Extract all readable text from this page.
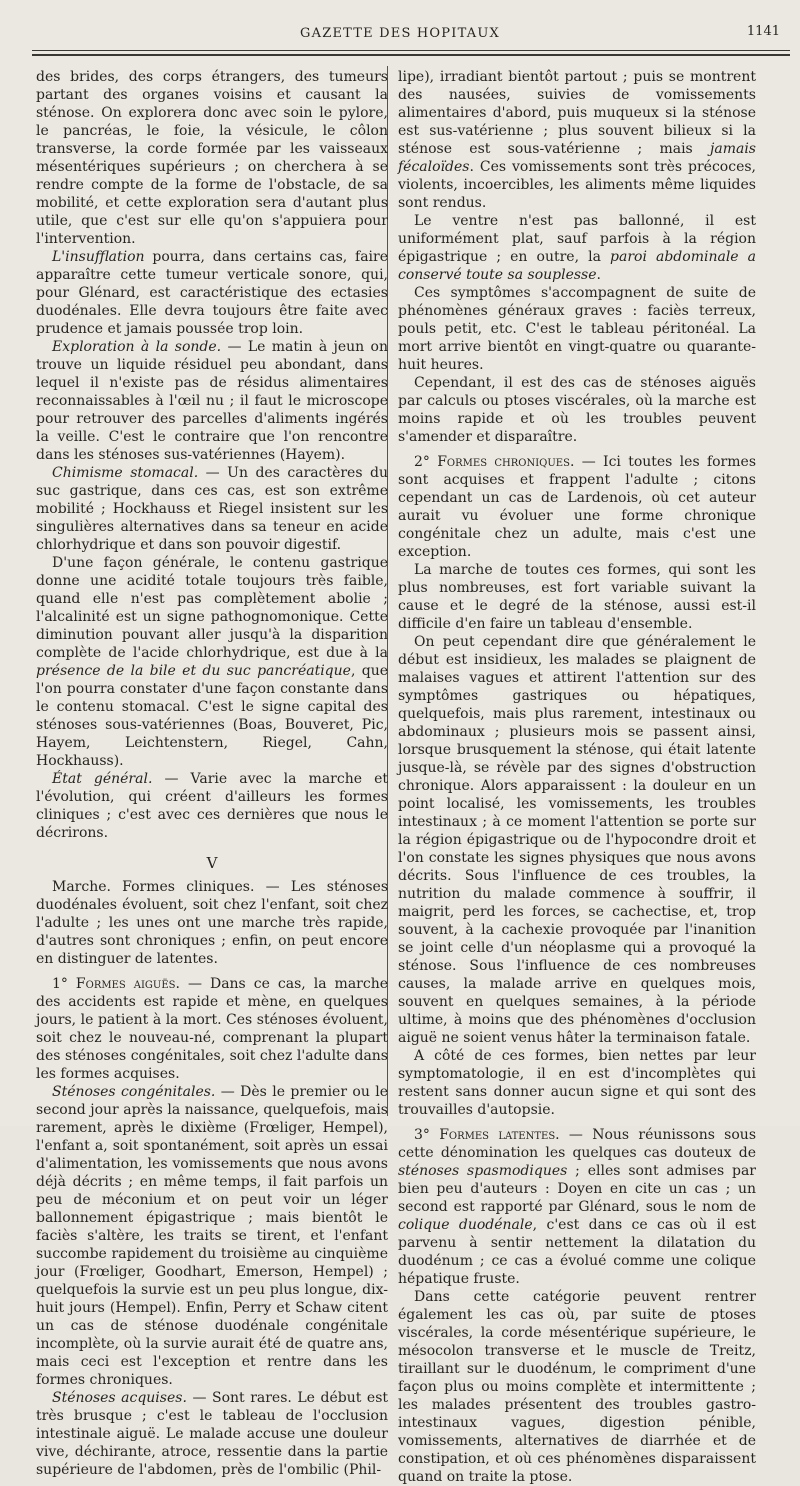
GAZETTE DES HOPITAUX	1141

des brides, des corps étrangers, des tumeurs partant des organes voisins et causant la sténose. On explorera donc avec soin le pylore, le pancréas, le foie, la vésicule, le côlon transverse, la corde formée par les vaisseaux mésentériques supérieurs ; on cherchera à se rendre compte de la forme de l'obstacle, de sa mobilité, et cette exploration sera d'autant plus utile, que c'est sur elle qu'on s'appuiera pour l'intervention.

L'insufflation pourra, dans certains cas, faire apparaître cette tumeur verticale sonore, qui, pour Glénard, est caractéristique des ectasies duodénales. Elle devra toujours être faite avec prudence et jamais poussée trop loin.

Exploration à la sonde. — Le matin à jeun on trouve un liquide résiduel peu abondant, dans lequel il n'existe pas de résidus alimentaires reconnaissables à l'œil nu ; il faut le microscope pour retrouver des parcelles d'aliments ingérés la veille. C'est le contraire que l'on rencontre dans les sténoses sus-vatériennes (Hayem).

Chimisme stomacal. — Un des caractères du suc gastrique, dans ces cas, est son extrême mobilité ; Hockhauss et Riegel insistent sur les singulières alternatives dans sa teneur en acide chlorhydrique et dans son pouvoir digestif.

D'une façon générale, le contenu gastrique donne une acidité totale toujours très faible, quand elle n'est pas complètement abolie ; l'alcalinité est un signe pathognomonique. Cette diminution pouvant aller jusqu'à la disparition complète de l'acide chlorhydrique, est due à la présence de la bile et du suc pancréatique, que l'on pourra constater d'une façon constante dans le contenu stomacal. C'est le signe capital des sténoses sous-vatériennes (Boas, Bouveret, Pic, Hayem, Leichtenstern, Riegel, Cahn, Hockhauss).

État général. — Varie avec la marche et l'évolution, qui créent d'ailleurs les formes cliniques ; c'est avec ces dernières que nous le décrirons.

V

Marche. Formes cliniques. — Les sténoses duodénales évoluent, soit chez l'enfant, soit chez l'adulte ; les unes ont une marche très rapide, d'autres sont chroniques ; enfin, on peut encore en distinguer de latentes.

1° Formes aiguës. — Dans ce cas, la marche des accidents est rapide et mène, en quelques jours, le patient à la mort. Ces sténoses évoluent, soit chez le nouveau-né, comprenant la plupart des sténoses congénitales, soit chez l'adulte dans les formes acquises.

Sténoses congénitales. — Dès le premier ou le second jour après la naissance, quelquefois, mais rarement, après le dixième (Frœliger, Hempel), l'enfant a, soit spontanément, soit après un essai d'alimentation, les vomissements que nous avons déjà décrits ; en même temps, il fait parfois un peu de méconium et on peut voir un léger ballonnement épigastrique ; mais bientôt le faciès s'altère, les traits se tirent, et l'enfant succombe rapidement du troisième au cinquième jour (Frœliger, Goodhart, Emerson, Hempel) ; quelquefois la survie est un peu plus longue, dix-huit jours (Hempel). Enfin, Perry et Schaw citent un cas de sténose duodénale congénitale incomplète, où la survie aurait été de quatre ans, mais ceci est l'exception et rentre dans les formes chroniques.

Sténoses acquises. — Sont rares. Le début est très brusque ; c'est le tableau de l'occlusion intestinale aiguë. Le malade accuse une douleur vive, déchirante, atroce, ressentie dans la partie supérieure de l'abdomen, près de l'ombilic (Phil-

lipe), irradiant bientôt partout ; puis se montrent des nausées, suivies de vomissements alimentaires d'abord, puis muqueux si la sténose est sus-vatérienne ; plus souvent bilieux si la sténose est sous-vatérienne ; mais jamais fécaloïdes. Ces vomissements sont très précoces, violents, incoercibles, les aliments même liquides sont rendus.

Le ventre n'est pas ballonné, il est uniformément plat, sauf parfois à la région épigastrique ; en outre, la paroi abdominale a conservé toute sa souplesse.

Ces symptômes s'accompagnent de suite de phénomènes généraux graves : faciès terreux, pouls petit, etc. C'est le tableau péritonéal. La mort arrive bientôt en vingt-quatre ou quarante-huit heures.

Cependant, il est des cas de sténoses aiguës par calculs ou ptoses viscérales, où la marche est moins rapide et où les troubles peuvent s'amender et disparaître.

2° Formes chroniques. — Ici toutes les formes sont acquises et frappent l'adulte ; citons cependant un cas de Lardenois, où cet auteur aurait vu évoluer une forme chronique congénitale chez un adulte, mais c'est une exception.

La marche de toutes ces formes, qui sont les plus nombreuses, est fort variable suivant la cause et le degré de la sténose, aussi est-il difficile d'en faire un tableau d'ensemble.

On peut cependant dire que généralement le début est insidieux, les malades se plaignent de malaises vagues et attirent l'attention sur des symptômes gastriques ou hépatiques, quelquefois, mais plus rarement, intestinaux ou abdominaux ; plusieurs mois se passent ainsi, lorsque brusquement la sténose, qui était latente jusque-là, se révèle par des signes d'obstruction chronique. Alors apparaissent : la douleur en un point localisé, les vomissements, les troubles intestinaux ; à ce moment l'attention se porte sur la région épigastrique ou de l'hypocondre droit et l'on constate les signes physiques que nous avons décrits. Sous l'influence de ces troubles, la nutrition du malade commence à souffrir, il maigrit, perd les forces, se cachectise, et, trop souvent, à la cachexie provoquée par l'inanition se joint celle d'un néoplasme qui a provoqué la sténose. Sous l'influence de ces nombreuses causes, la malade arrive en quelques mois, souvent en quelques semaines, à la période ultime, à moins que des phénomènes d'occlusion aiguë ne soient venus hâter la terminaison fatale.

A côté de ces formes, bien nettes par leur symptomatologie, il en est d'incomplètes qui restent sans donner aucun signe et qui sont des trouvailles d'autopsie.

3° Formes latentes. — Nous réunissons sous cette dénomination les quelques cas douteux de sténoses spasmodiques ; elles sont admises par bien peu d'auteurs : Doyen en cite un cas ; un second est rapporté par Glénard, sous le nom de colique duodénale, c'est dans ce cas où il est parvenu à sentir nettement la dilatation du duodénum ; ce cas a évolué comme une colique hépatique fruste.

Dans cette catégorie peuvent rentrer également les cas où, par suite de ptoses viscérales, la corde mésentérique supérieure, le mésocolon transverse et le muscle de Treitz, tiraillant sur le duodénum, le compriment d'une façon plus ou moins complète et intermittente ; les malades présentent des troubles gastro-intestinaux vagues, digestion pénible, vomissements, alternatives de diarrhée et de constipation, et où ces phénomènes disparaissent quand on traite la ptose.
